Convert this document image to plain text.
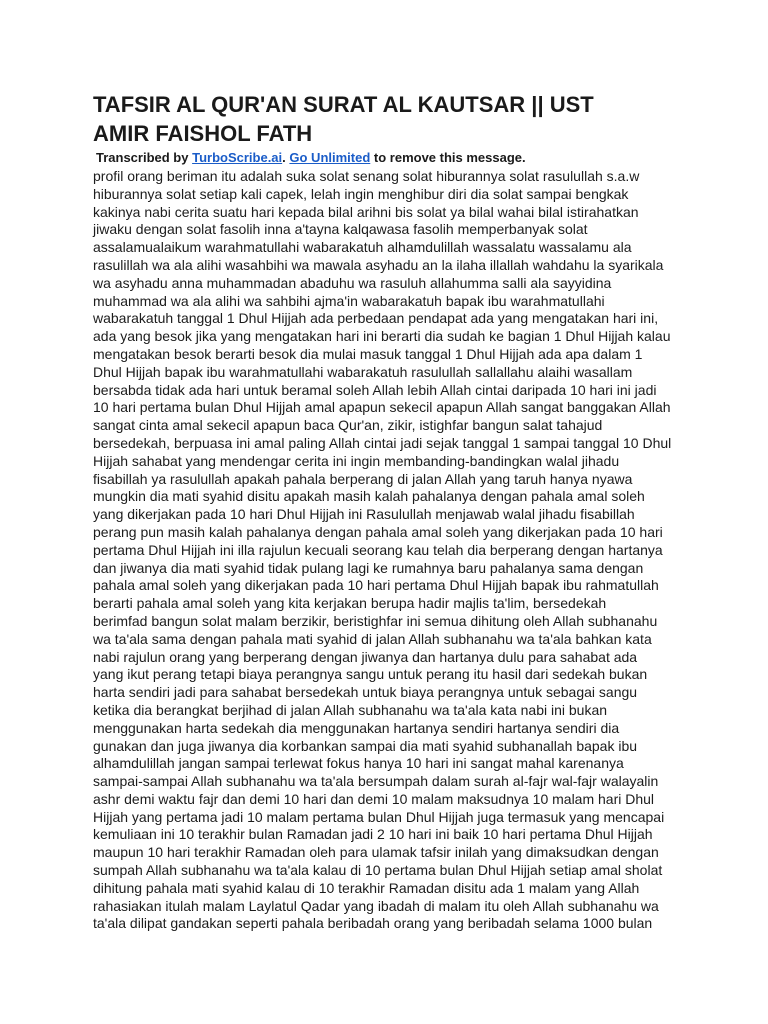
TAFSIR AL QUR'AN SURAT AL KAUTSAR || UST
AMIR FAISHOL FATH
Transcribed by TurboScribe.ai. Go Unlimited to remove this message.
profil orang beriman itu adalah suka solat senang solat hiburannya solat rasulullah s.a.w
hiburannya solat setiap kali capek, lelah ingin menghibur diri dia solat sampai bengkak
kakinya nabi cerita suatu hari kepada bilal arihni bis solat ya bilal wahai bilal istirahatkan
jiwaku dengan solat fasolih inna a'tayna kalqawasa fasolih memperbanyak solat
assalamualaikum warahmatullahi wabarakatuh alhamdulillah wassalatu wassalamu ala
rasulillah wa ala alihi wasahbihi wa mawala asyhadu an la ilaha illallah wahdahu la syarikala
wa asyhadu anna muhammadan abaduhu wa rasuluh allahumma salli ala sayyidina
muhammad wa ala alihi wa sahbihi ajma'in wabarakatuh bapak ibu warahmatullahi
wabarakatuh tanggal 1 Dhul Hijjah ada perbedaan pendapat ada yang mengatakan hari ini,
ada yang besok jika yang mengatakan hari ini berarti dia sudah ke bagian 1 Dhul Hijjah kalau
mengatakan besok berarti besok dia mulai masuk tanggal 1 Dhul Hijjah ada apa dalam 1
Dhul Hijjah bapak ibu warahmatullahi wabarakatuh rasulullah sallallahu alaihi wasallam
bersabda tidak ada hari untuk beramal soleh Allah lebih Allah cintai daripada 10 hari ini jadi
10 hari pertama bulan Dhul Hijjah amal apapun sekecil apapun Allah sangat banggakan Allah
sangat cinta amal sekecil apapun baca Qur'an, zikir, istighfar bangun salat tahajud
bersedekah, berpuasa ini amal paling Allah cintai jadi sejak tanggal 1 sampai tanggal 10 Dhul
Hijjah sahabat yang mendengar cerita ini ingin membanding-bandingkan walal jihadu
fisabillah ya rasulullah apakah pahala berperang di jalan Allah yang taruh hanya nyawa
mungkin dia mati syahid disitu apakah masih kalah pahalanya dengan pahala amal soleh
yang dikerjakan pada 10 hari Dhul Hijjah ini Rasulullah menjawab walal jihadu fisabillah
perang pun masih kalah pahalanya dengan pahala amal soleh yang dikerjakan pada 10 hari
pertama Dhul Hijjah ini illa rajulun kecuali seorang kau telah dia berperang dengan hartanya
dan jiwanya dia mati syahid tidak pulang lagi ke rumahnya baru pahalanya sama dengan
pahala amal soleh yang dikerjakan pada 10 hari pertama Dhul Hijjah bapak ibu rahmatullah
berarti pahala amal soleh yang kita kerjakan berupa hadir majlis ta'lim, bersedekah
berimfad bangun solat malam berzikir, beristighfar ini semua dihitung oleh Allah subhanahu
wa ta'ala sama dengan pahala mati syahid di jalan Allah subhanahu wa ta'ala bahkan kata
nabi rajulun orang yang berperang dengan jiwanya dan hartanya dulu para sahabat ada
yang ikut perang tetapi biaya perangnya sangu untuk perang itu hasil dari sedekah bukan
harta sendiri jadi para sahabat bersedekah untuk biaya perangnya untuk sebagai sangu
ketika dia berangkat berjihad di jalan Allah subhanahu wa ta'ala kata nabi ini bukan
menggunakan harta sedekah dia menggunakan hartanya sendiri hartanya sendiri dia
gunakan dan juga jiwanya dia korbankan sampai dia mati syahid subhanallah bapak ibu
alhamdulillah jangan sampai terlewat fokus hanya 10 hari ini sangat mahal karenanya
sampai-sampai Allah subhanahu wa ta'ala bersumpah dalam surah al-fajr wal-fajr walayalin
ashr demi waktu fajr dan demi 10 hari dan demi 10 malam maksudnya 10 malam hari Dhul
Hijjah yang pertama jadi 10 malam pertama bulan Dhul Hijjah juga termasuk yang mencapai
kemuliaan ini 10 terakhir bulan Ramadan jadi 2 10 hari ini baik 10 hari pertama Dhul Hijjah
maupun 10 hari terakhir Ramadan oleh para ulamak tafsir inilah yang dimaksudkan dengan
sumpah Allah subhanahu wa ta'ala kalau di 10 pertama bulan Dhul Hijjah setiap amal sholat
dihitung pahala mati syahid kalau di 10 terakhir Ramadan disitu ada 1 malam yang Allah
rahasiakan itulah malam Laylatul Qadar yang ibadah di malam itu oleh Allah subhanahu wa
ta'ala dilipat gandakan seperti pahala beribadah orang yang beribadah selama 1000 bulan
